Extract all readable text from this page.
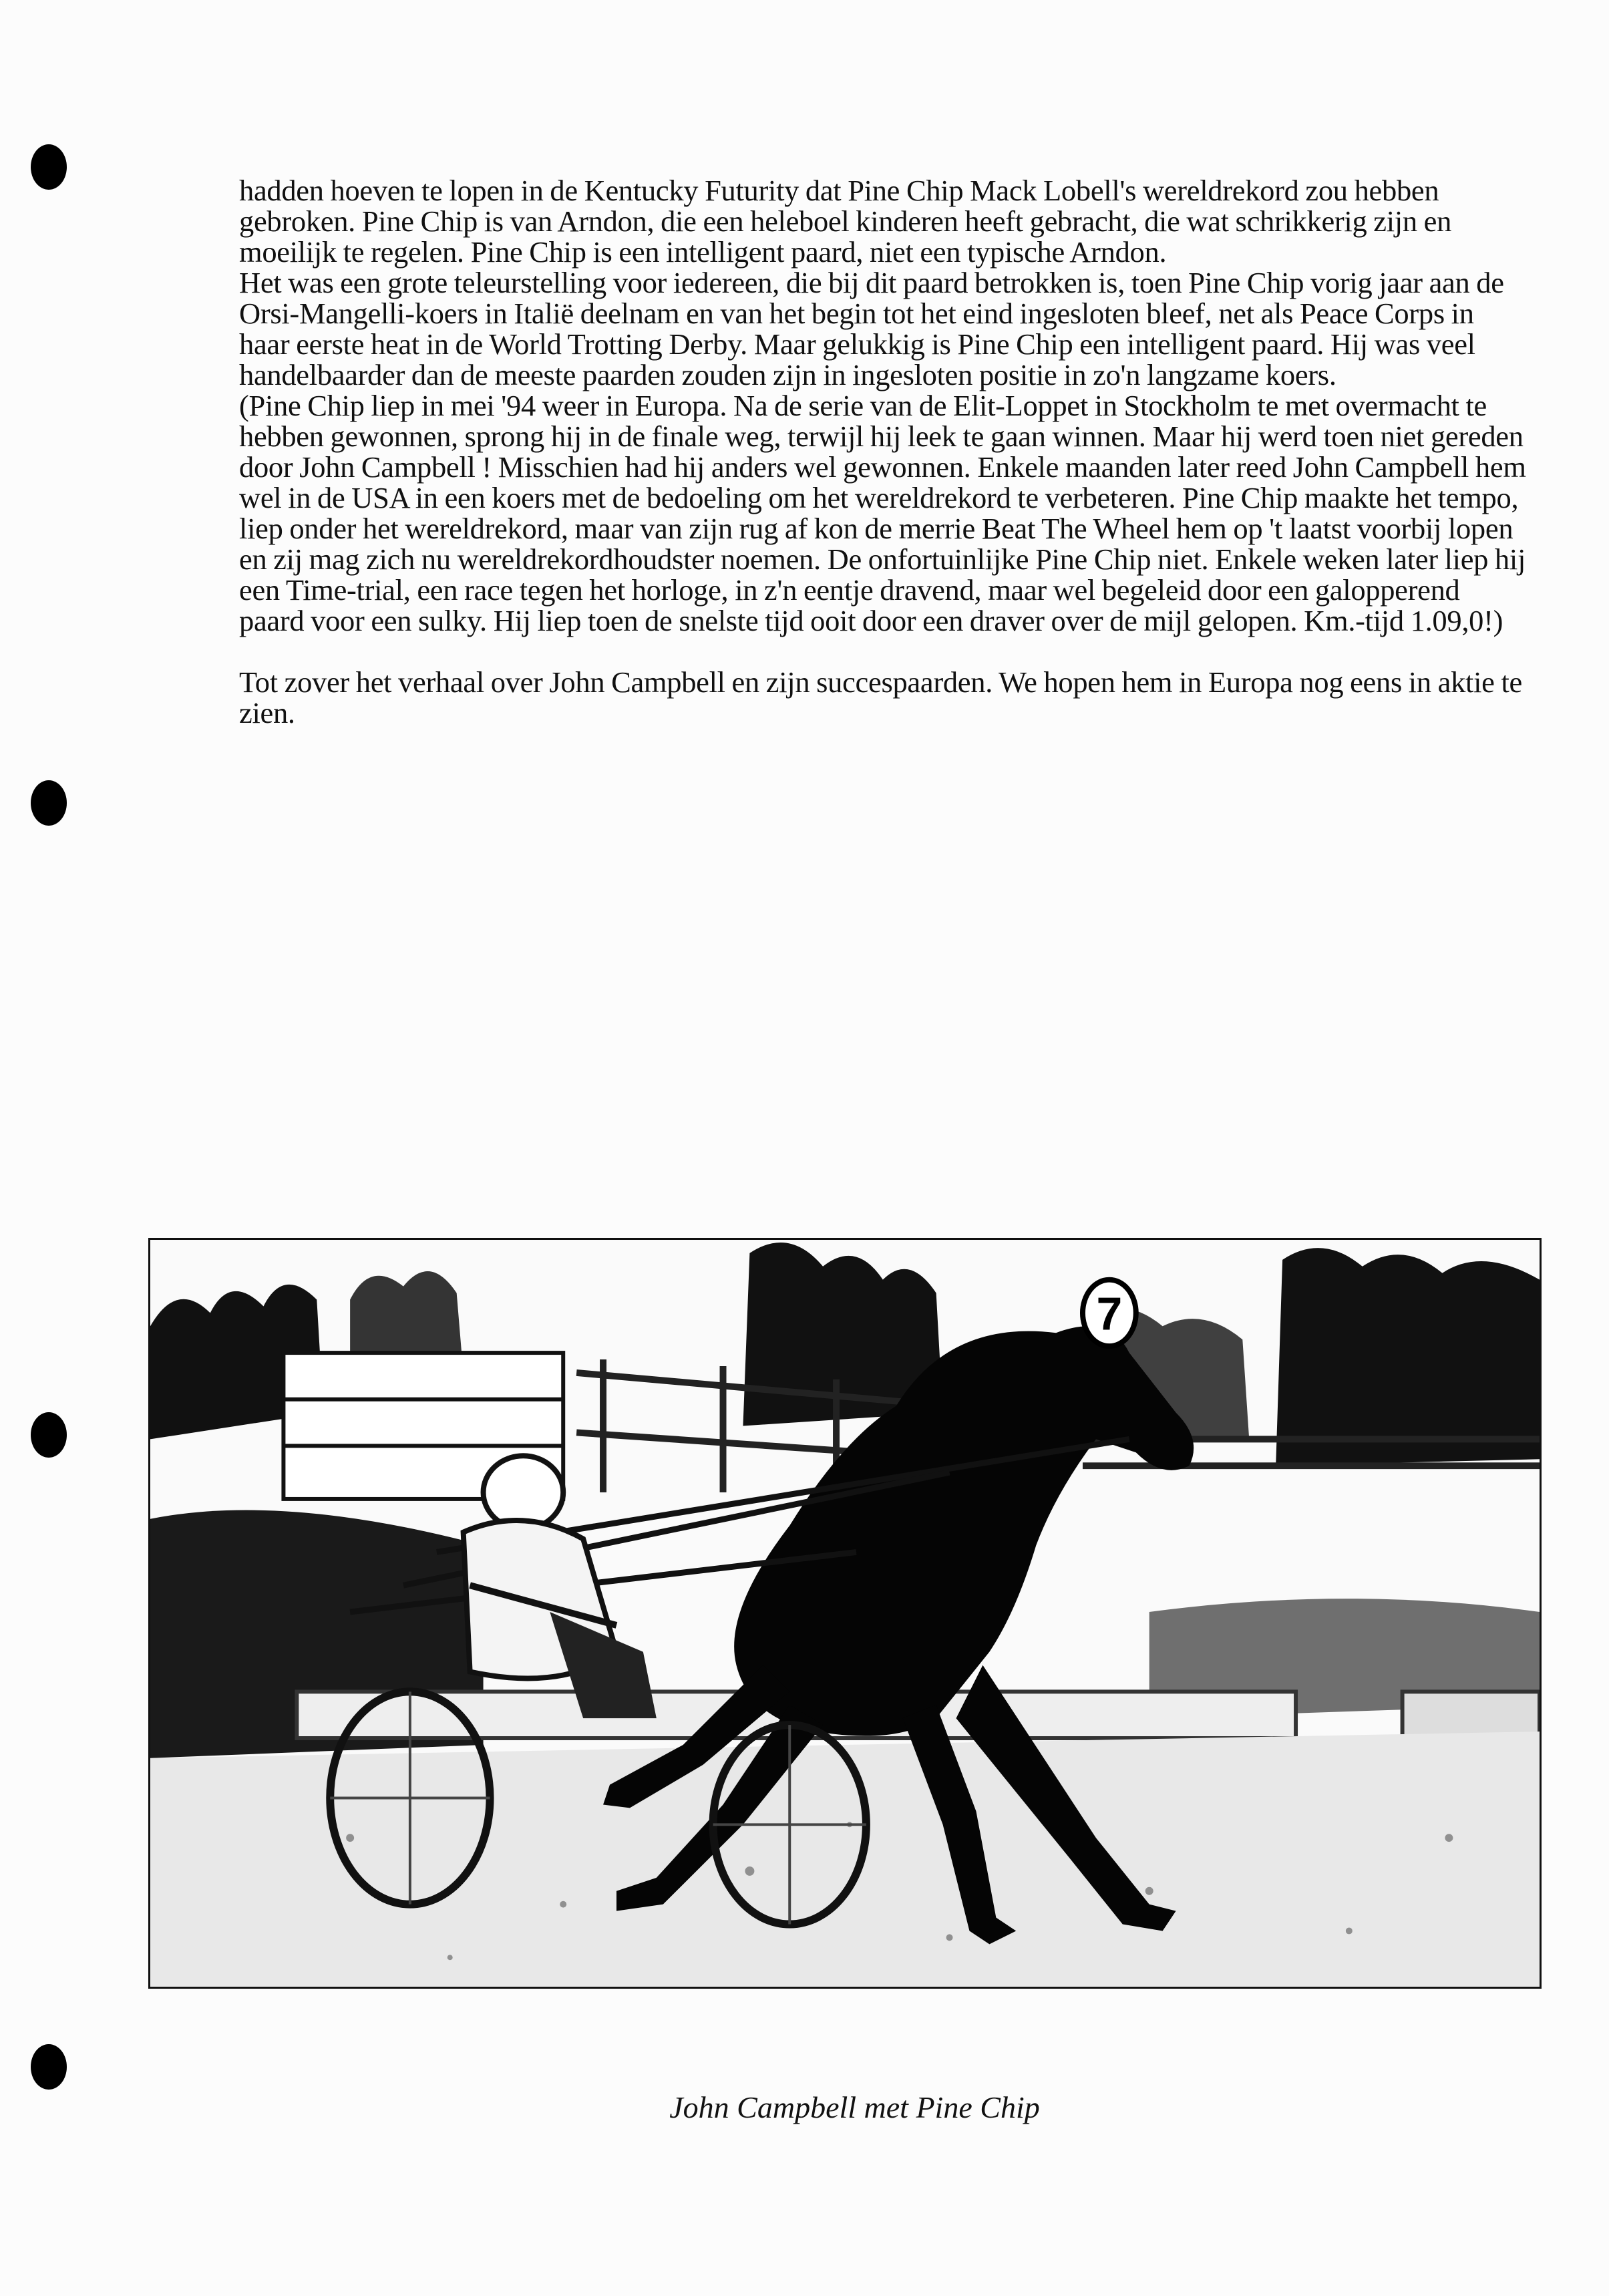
hadden hoeven te lopen in de Kentucky Futurity dat Pine Chip Mack Lobell's wereldrekord zou hebben gebroken. Pine Chip is van Arndon, die een heleboel kinderen heeft gebracht, die wat schrikkerig zijn en moeilijk te regelen. Pine Chip is een intelligent paard, niet een typische Arndon.

Het was een grote teleurstelling voor iedereen, die bij dit paard betrokken is, toen Pine Chip vorig jaar aan de Orsi-Mangelli-koers in Italië deelnam en van het begin tot het eind ingesloten bleef, net als Peace Corps in haar eerste heat in de World Trotting Derby. Maar gelukkig is Pine Chip een intelligent paard. Hij was veel handelbaarder dan de meeste paarden zouden zijn in ingesloten positie in zo'n langzame koers.

(Pine Chip liep in mei '94 weer in Europa. Na de serie van de Elit-Loppet in Stockholm te met overmacht te hebben gewonnen, sprong hij in de finale weg, terwijl hij leek te gaan winnen. Maar hij werd toen niet gereden door John Campbell ! Misschien had hij anders wel gewonnen. Enkele maanden later reed John Campbell hem wel in de USA in een koers met de bedoeling om het wereldrekord te verbeteren. Pine Chip maakte het tempo, liep onder het wereldrekord, maar van zijn rug af kon de merrie Beat The Wheel hem op 't laatst voorbij lopen en zij mag zich nu wereldrekordhoudster noemen. De onfortuinlijke Pine Chip niet. Enkele weken later liep hij een Time-trial, een race tegen het horloge, in z'n eentje dravend, maar wel begeleid door een galopperend paard voor een sulky. Hij liep toen de snelste tijd ooit door een draver over de mijl gelopen. Km.-tijd 1.09,0!)

Tot zover het verhaal over John Campbell en zijn succespaarden. We hopen hem in Europa nog eens in aktie te zien.

7
John Campbell met Pine Chip
